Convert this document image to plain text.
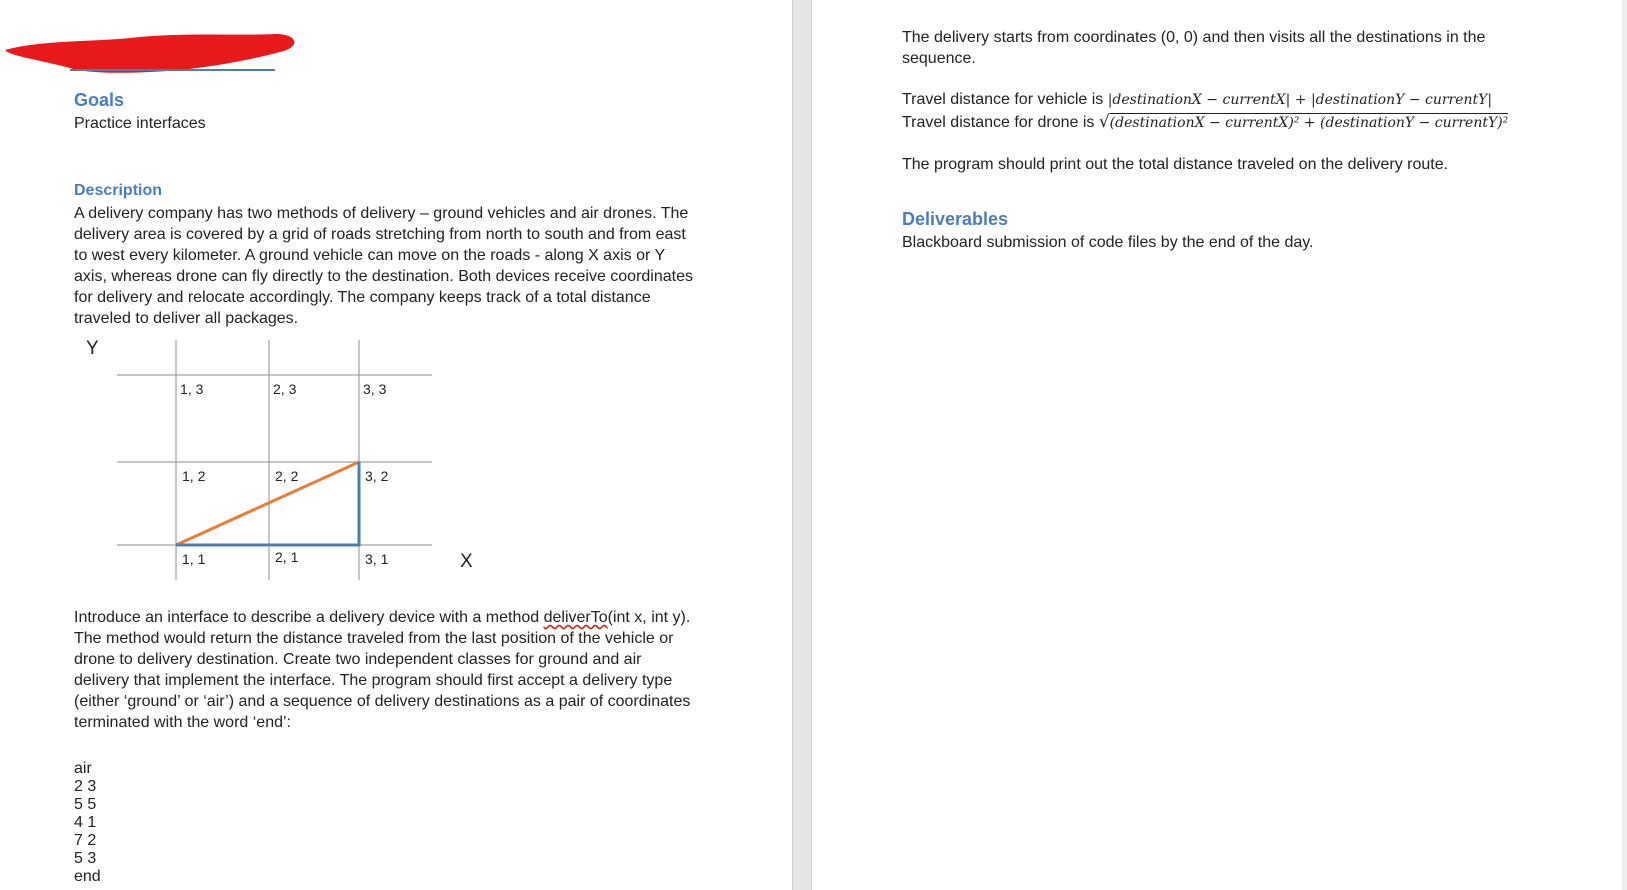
Goals
Practice interfaces
Description
A delivery company has two methods of delivery – ground vehicles and air drones. The
delivery area is covered by a grid of roads stretching from north to south and from east
to west every kilometer. A ground vehicle can move on the roads - along X axis or Y
axis, whereas drone can fly directly to the destination. Both devices receive coordinates
for delivery and relocate accordingly. The company keeps track of a total distance
traveled to deliver all packages.
Y
1, 3	2, 3	3, 3
1, 2	2, 2	3, 2
1, 1	2, 1	3, 1	X
Introduce an interface to describe a delivery device with a method deliverTo(int x, int y).
The method would return the distance traveled from the last position of the vehicle or
drone to delivery destination. Create two independent classes for ground and air
delivery that implement the interface. The program should first accept a delivery type
(either ‘ground’ or ‘air’) and a sequence of delivery destinations as a pair of coordinates
terminated with the word ‘end’:
air
2 3
5 5
4 1
7 2
5 3
end
The delivery starts from coordinates (0, 0) and then visits all the destinations in the
sequence.
Travel distance for vehicle is |destinationX − currentX| + |destinationY − currentY|
Travel distance for drone is √(destinationX − currentX)² + (destinationY − currentY)²
The program should print out the total distance traveled on the delivery route.
Deliverables
Blackboard submission of code files by the end of the day.
